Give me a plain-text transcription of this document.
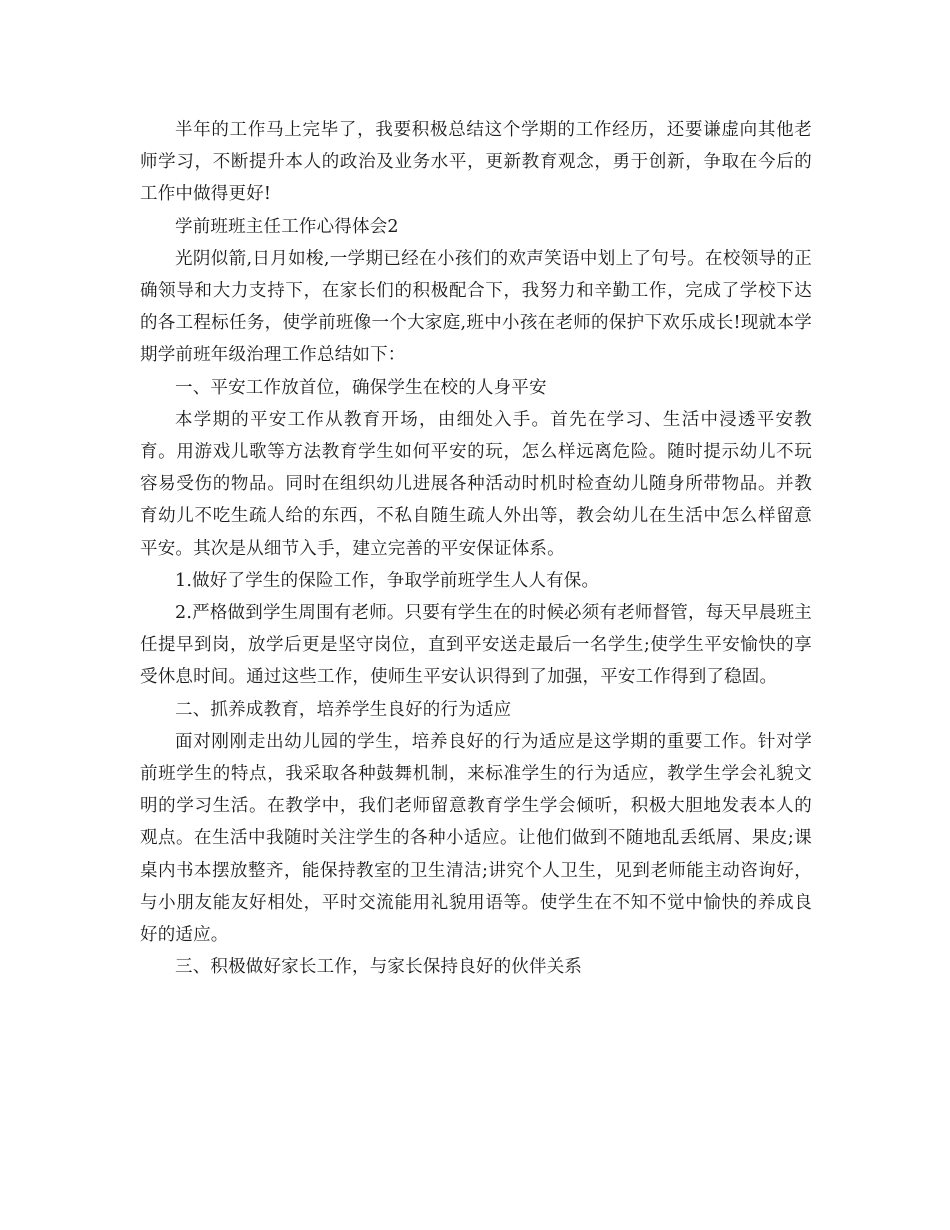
半年的工作马上完毕了，我要积极总结这个学期的工作经历，还要谦虚向其他老师学习，不断提升本人的政治及业务水平，更新教育观念，勇于创新，争取在今后的工作中做得更好!

学前班班主任工作心得体会2

光阴似箭,日月如梭,一学期已经在小孩们的欢声笑语中划上了句号。在校领导的正确领导和大力支持下，在家长们的积极配合下，我努力和辛勤工作，完成了学校下达的各工程标任务，使学前班像一个大家庭,班中小孩在老师的保护下欢乐成长!现就本学期学前班年级治理工作总结如下：

一、平安工作放首位，确保学生在校的人身平安

本学期的平安工作从教育开场，由细处入手。首先在学习、生活中浸透平安教育。用游戏儿歌等方法教育学生如何平安的玩，怎么样远离危险。随时提示幼儿不玩容易受伤的物品。同时在组织幼儿进展各种活动时机时检查幼儿随身所带物品。并教育幼儿不吃生疏人给的东西，不私自随生疏人外出等，教会幼儿在生活中怎么样留意平安。其次是从细节入手，建立完善的平安保证体系。

1.做好了学生的保险工作，争取学前班学生人人有保。

2.严格做到学生周围有老师。只要有学生在的时候必须有老师督管，每天早晨班主任提早到岗，放学后更是坚守岗位，直到平安送走最后一名学生;使学生平安愉快的享受休息时间。通过这些工作，使师生平安认识得到了加强，平安工作得到了稳固。

二、抓养成教育，培养学生良好的行为适应

面对刚刚走出幼儿园的学生，培养良好的行为适应是这学期的重要工作。针对学前班学生的特点，我采取各种鼓舞机制，来标准学生的行为适应，教学生学会礼貌文明的学习生活。在教学中，我们老师留意教育学生学会倾听，积极大胆地发表本人的观点。在生活中我随时关注学生的各种小适应。让他们做到不随地乱丢纸屑、果皮;课桌内书本摆放整齐，能保持教室的卫生清洁;讲究个人卫生，见到老师能主动咨询好，与小朋友能友好相处，平时交流能用礼貌用语等。使学生在不知不觉中愉快的养成良好的适应。

三、积极做好家长工作，与家长保持良好的伙伴关系
